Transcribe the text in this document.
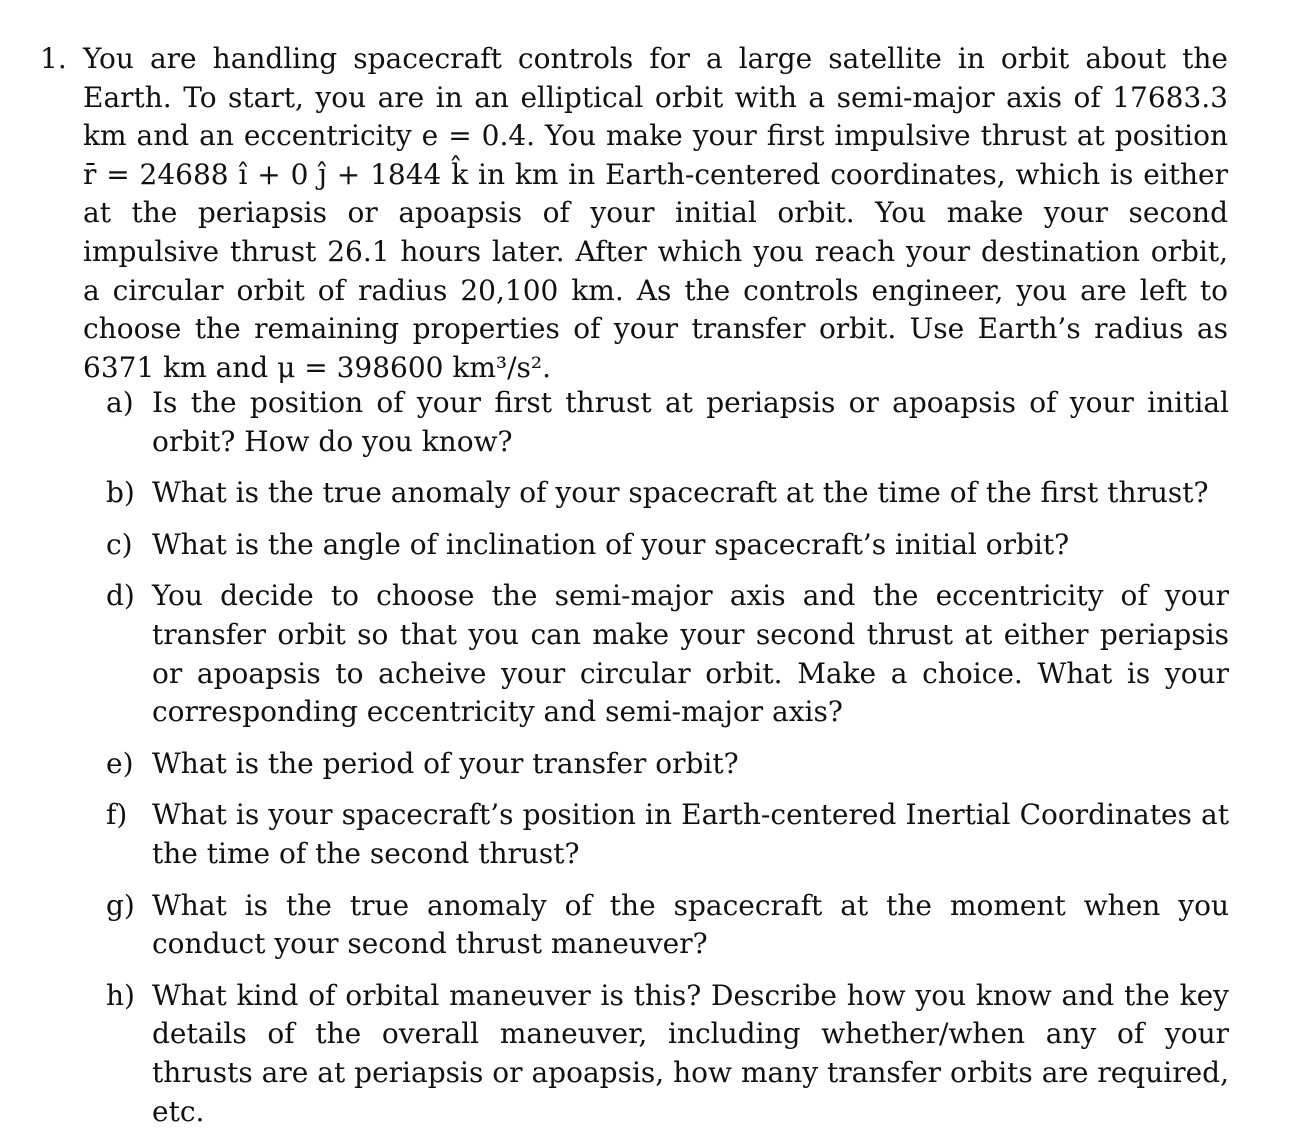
1. You are handling spacecraft controls for a large satellite in orbit about the Earth. To start, you are in an elliptical orbit with a semi-major axis of 17683.3 km and an eccentricity e = 0.4. You make your first impulsive thrust at position r̄ = 24688 î + 0 ĵ + 1844 k̂ in km in Earth-centered coordinates, which is either at the periapsis or apoapsis of your initial orbit. You make your second impulsive thrust 26.1 hours later. After which you reach your destination orbit, a circular orbit of radius 20,100 km. As the controls engineer, you are left to choose the remaining properties of your transfer orbit. Use Earth’s radius as 6371 km and μ = 398600 km³/s².
a) Is the position of your first thrust at periapsis or apoapsis of your initial orbit? How do you know?
b) What is the true anomaly of your spacecraft at the time of the first thrust?
c) What is the angle of inclination of your spacecraft’s initial orbit?
d) You decide to choose the semi-major axis and the eccentricity of your transfer orbit so that you can make your second thrust at either periapsis or apoapsis to acheive your circular orbit. Make a choice. What is your corresponding eccentricity and semi-major axis?
e) What is the period of your transfer orbit?
f) What is your spacecraft’s position in Earth-centered Inertial Coordinates at the time of the second thrust?
g) What is the true anomaly of the spacecraft at the moment when you conduct your second thrust maneuver?
h) What kind of orbital maneuver is this? Describe how you know and the key details of the overall maneuver, including whether/when any of your thrusts are at periapsis or apoapsis, how many transfer orbits are required, etc.
